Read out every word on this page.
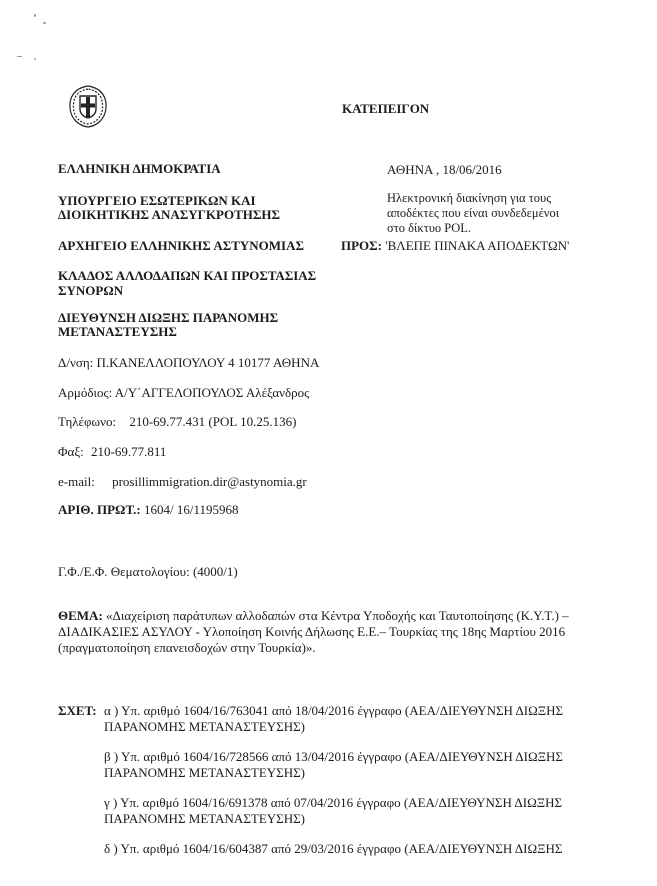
ΚΑΤΕΠΕΙΓΟΝ
ΕΛΛΗΝΙΚΗ ΔΗΜΟΚΡΑΤΙΑ
ΥΠΟΥΡΓΕΙΟ ΕΣΩΤΕΡΙΚΩΝ ΚΑΙ
ΔΙΟΙΚΗΤΙΚΗΣ ΑΝΑΣΥΓΚΡΟΤΗΣΗΣ
ΑΡΧΗΓΕΙΟ ΕΛΛΗΝΙΚΗΣ ΑΣΤΥΝΟΜΙΑΣ
ΚΛΑΔΟΣ ΑΛΛΟΔΑΠΩΝ ΚΑΙ ΠΡΟΣΤΑΣΙΑΣ
ΣΥΝΟΡΩΝ
ΔΙΕΥΘΥΝΣΗ ΔΙΩΞΗΣ ΠΑΡΑΝΟΜΗΣ
ΜΕΤΑΝΑΣΤΕΥΣΗΣ
Δ/νση: Π.ΚΑΝΕΛΛΟΠΟΥΛΟΥ 4 10177 ΑΘΗΝΑ
Αρμόδιος: Α/Υ΄ΑΓΓΕΛΟΠΟΥΛΟΣ Αλέξανδρος
Τηλέφωνο: 210-69.77.431 (POL 10.25.136)
Φαξ: 210-69.77.811
e-mail: prosillimmigration.dir@astynomia.gr
ΑΡΙΘ. ΠΡΩΤ.: 1604/ 16/1195968
ΑΘΗΝΑ , 18/06/2016
Ηλεκτρονική διακίνηση για τους
αποδέκτες που είναι συνδεδεμένοι
στο δίκτυο POL.
ΠΡΟΣ: 'ΒΛΕΠΕ ΠΙΝΑΚΑ ΑΠΟΔΕΚΤΩΝ'
Γ.Φ./Ε.Φ. Θεματολογίου: (4000/1)
ΘΕΜΑ: «Διαχείριση παράτυπων αλλοδαπών στα Κέντρα Υποδοχής και Ταυτοποίησης (Κ.Υ.Τ.) –
ΔΙΑΔΙΚΑΣΙΕΣ ΑΣΥΛΟΥ - Υλοποίηση Κοινής Δήλωσης Ε.Ε.– Τουρκίας της 18ης Μαρτίου 2016
(πραγματοποίηση επανεισδοχών στην Τουρκία)».
ΣΧΕΤ: α ) Υπ. αριθμό 1604/16/763041 από 18/04/2016 έγγραφο (ΑΕΑ/ΔΙΕΥΘΥΝΣΗ ΔΙΩΞΗΣ
ΠΑΡΑΝΟΜΗΣ ΜΕΤΑΝΑΣΤΕΥΣΗΣ)
β ) Υπ. αριθμό 1604/16/728566 από 13/04/2016 έγγραφο (ΑΕΑ/ΔΙΕΥΘΥΝΣΗ ΔΙΩΞΗΣ
ΠΑΡΑΝΟΜΗΣ ΜΕΤΑΝΑΣΤΕΥΣΗΣ)
γ ) Υπ. αριθμό 1604/16/691378 από 07/04/2016 έγγραφο (ΑΕΑ/ΔΙΕΥΘΥΝΣΗ ΔΙΩΞΗΣ
ΠΑΡΑΝΟΜΗΣ ΜΕΤΑΝΑΣΤΕΥΣΗΣ)
δ ) Υπ. αριθμό 1604/16/604387 από 29/03/2016 έγγραφο (ΑΕΑ/ΔΙΕΥΘΥΝΣΗ ΔΙΩΞΗΣ
